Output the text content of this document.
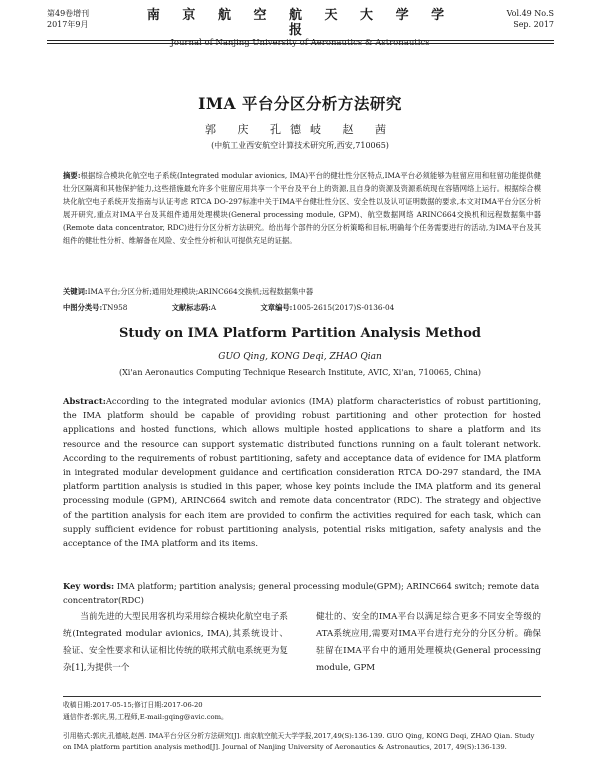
第49卷增刊
2017年9月
南 京 航 空 航 天 大 学 学 报
Journal of Nanjing University of Aeronautics & Astronautics
Vol.49 No.S
Sep. 2017
IMA 平台分区分析方法研究
郭 庆 孔德岐 赵 茜
(中航工业西安航空计算技术研究所,西安,710065)
摘要:根据综合模块化航空电子系统(Integrated modular avionics, IMA)平台的健壮性分区特点,IMA平台必须能够为驻留应用和驻留功能提供健壮分区隔离和其他保护能力,这些措施最允许多个驻留应用共享一个平台及平台上的资源,且自身的资源及资源系统现在容错网络上运行。根据综合模块化航空电子系统开发指南与认证考虑 RTCA DO-297标准中关于IMA平台健壮性分区、安全性以及认可证明数据的要求,本文对IMA平台分区分析展开研究,重点对IMA平台及其组件通用处理模块(General processing module, GPM)、航空数据网络 ARINC664交换机和远程数据集中器(Remote data concentrator, RDC)进行分区分析方法研究。给出每个部件的分区分析策略和目标,明确每个任务需要进行的活动,为IMA平台及其组件的健壮性分析、维解备在风险、安全性分析和认可提供充足的证据。
关键词:IMA平台;分区分析;通用处理模块;ARINC664交换机;远程数据集中器
中图分类号:TN958	文献标志码:A	文章编号:1005-2615(2017)S-0136-04
Study on IMA Platform Partition Analysis Method
GUO Qing, KONG Deqi, ZHAO Qian
(Xi'an Aeronautics Computing Technique Research Institute, AVIC, Xi'an, 710065, China)
Abstract:According to the integrated modular avionics (IMA) platform characteristics of robust partitioning, the IMA platform should be capable of providing robust partitioning and other protection for hosted applications and hosted functions, which allows multiple hosted applications to share a platform and its resource and the resource can support systematic distributed functions running on a fault tolerant network. According to the requirements of robust partitioning, safety and acceptance data of evidence for IMA platform in integrated modular development guidance and certification consideration RTCA DO-297 standard, the IMA platform partition analysis is studied in this paper, whose key points include the IMA platform and its general processing module (GPM), ARINC664 switch and remote data concentrator (RDC). The strategy and objective of the partition analysis for each item are provided to confirm the activities required for each task, which can supply sufficient evidence for robust partitioning analysis, potential risks mitigation, safety analysis and the acceptance of the IMA platform and its items.
Key words: IMA platform; partition analysis; general processing module(GPM); ARINC664 switch; remote data concentrator(RDC)
当前先进的大型民用客机均采用综合模块化航空电子系统(Integrated modular avionics, IMA),其系统设计、验证、安全性要求和认证相比传统的联邦式航电系统更为复杂[1],为提供一个
健壮的、安全的IMA平台以满足综合更多不同安全等级的ATA系统应用,需要对IMA平台进行充分的分区分析。确保驻留在IMA平台中的通用处理模块(General processing module, GPM
收稿日期:2017-05-15;修订日期:2017-06-20
通信作者:郭庆,男,工程师,E-mail:gqing@avic.com。
引用格式:郭庆,孔德岐,赵茜. IMA平台分区分析方法研究[J]. 南京航空航天大学学报,2017,49(S):136-139. GUO Qing, KONG Deqi, ZHAO Qian. Study on IMA platform partition analysis method[J]. Journal of Nanjing University of Aeronautics & Astronautics, 2017, 49(S):136-139.
